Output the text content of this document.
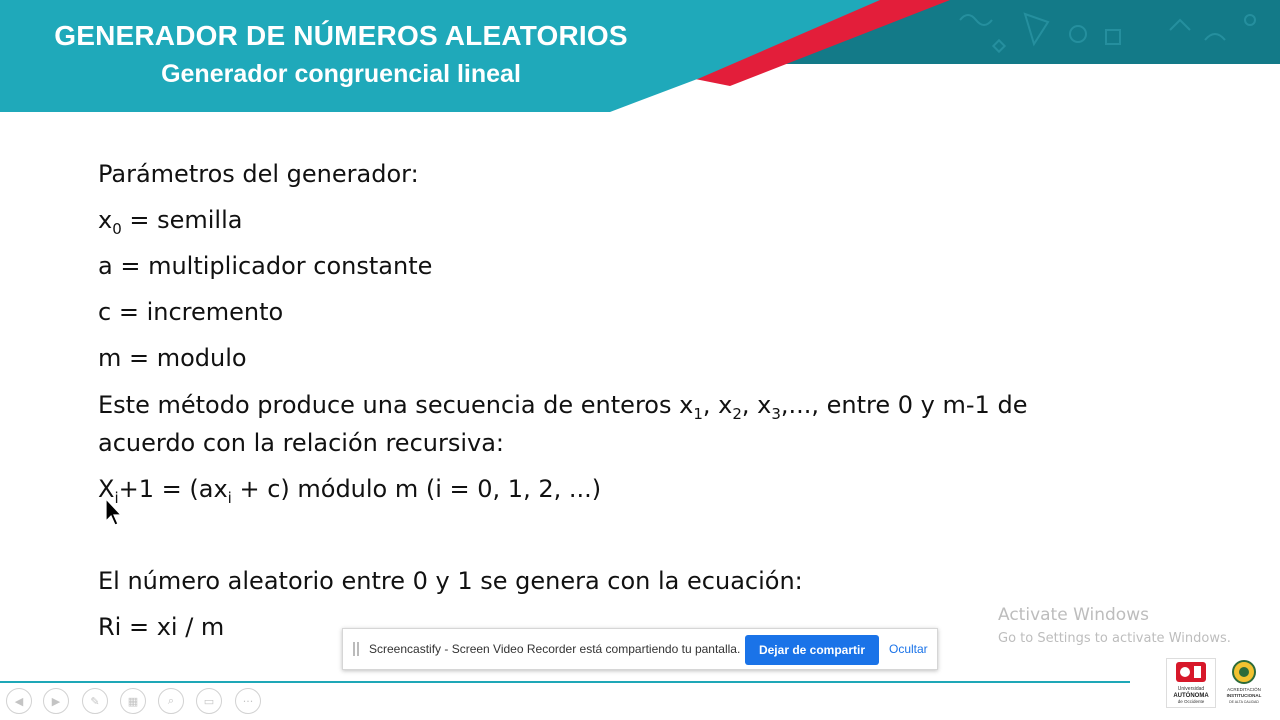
GENERADOR DE NÚMEROS ALEATORIOS
Generador congruencial lineal
Parámetros del generador:
$x_0$ = semilla
a = multiplicador constante
c = incremento
m = modulo
Este método produce una secuencia de enteros $x_1$, $x_2$, $x_3$,..., entre 0 y m-1 de
acuerdo con la relación recursiva:
$X_i+1 = (ax_i + c)$ módulo m (i = 0, 1, 2, ...)
El número aleatorio entre 0 y 1 se genera con la ecuación:
Ri = xi / m	Activate Windows
Go to Settings to activate Windows.
Screencastify - Screen Video Recorder está compartiendo tu pantalla.	Dejar de compartir	Ocultar
◀	▶	✎	▦	⌕	▭	···
Universidad
AUTÓNOMA
de Occidente
ACREDITACIÓN
INSTITUCIONAL
DE ALTA CALIDAD
